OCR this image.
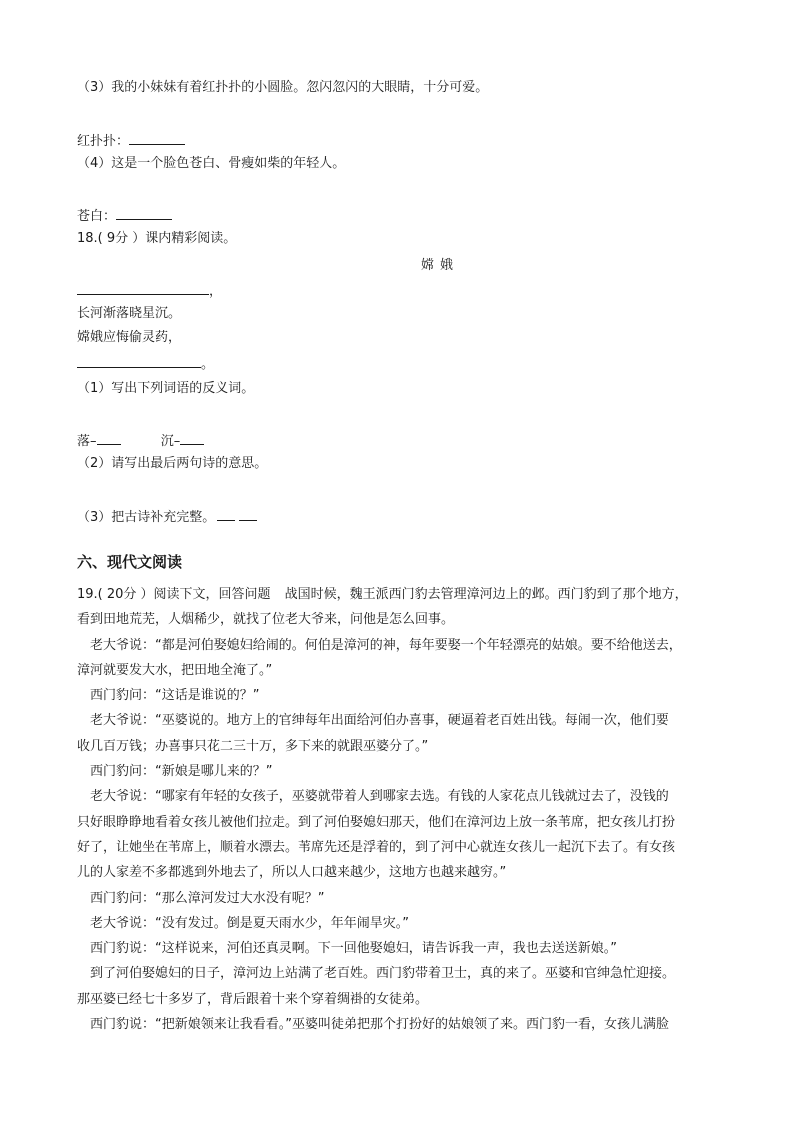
（3）我的小妹妹有着红扑扑的小圆脸。忽闪忽闪的大眼睛，十分可爱。
红扑扑：
（4）这是一个脸色苍白、骨瘦如柴的年轻人。
苍白：
18.( 9分 ）课内精彩阅读。
嫦娥
，
长河渐落晓星沉。
嫦娥应悔偷灵药，
。
（1）写出下列词语的反义词。
落–	沉–
（2）请写出最后两句诗的意思。
（3）把古诗补充完整。
六、现代文阅读
19.( 20分 ）阅读下文，回答问题 战国时候，魏王派西门豹去管理漳河边上的邺。西门豹到了那个地方，
看到田地荒芜，人烟稀少，就找了位老大爷来，问他是怎么回事。
老大爷说：“都是河伯娶媳妇给闹的。何伯是漳河的神，每年要娶一个年轻漂亮的姑娘。要不给他送去，
漳河就要发大水，把田地全淹了。”
西门豹问：“这话是谁说的？”
老大爷说：“巫婆说的。地方上的官绅每年出面给河伯办喜事，硬逼着老百姓出钱。每闹一次，他们要
收几百万钱；办喜事只花二三十万，多下来的就跟巫婆分了。”
西门豹问：“新娘是哪儿来的？”
老大爷说：“哪家有年轻的女孩子，巫婆就带着人到哪家去选。有钱的人家花点儿钱就过去了，没钱的
只好眼睁睁地看着女孩儿被他们拉走。到了河伯娶媳妇那天，他们在漳河边上放一条苇席，把女孩儿打扮
好了，让她坐在苇席上，顺着水漂去。苇席先还是浮着的，到了河中心就连女孩儿一起沉下去了。有女孩
儿的人家差不多都逃到外地去了，所以人口越来越少，这地方也越来越穷。”
西门豹问：“那么漳河发过大水没有呢？”
老大爷说：“没有发过。倒是夏天雨水少，年年闹旱灾。”
西门豹说：“这样说来，河伯还真灵啊。下一回他娶媳妇，请告诉我一声，我也去送送新娘。”
到了河伯娶媳妇的日子，漳河边上站满了老百姓。西门豹带着卫士，真的来了。巫婆和官绅急忙迎接。
那巫婆已经七十多岁了，背后跟着十来个穿着绸褂的女徒弟。
西门豹说：“把新娘领来让我看看。”巫婆叫徒弟把那个打扮好的姑娘领了来。西门豹一看，女孩儿满脸
